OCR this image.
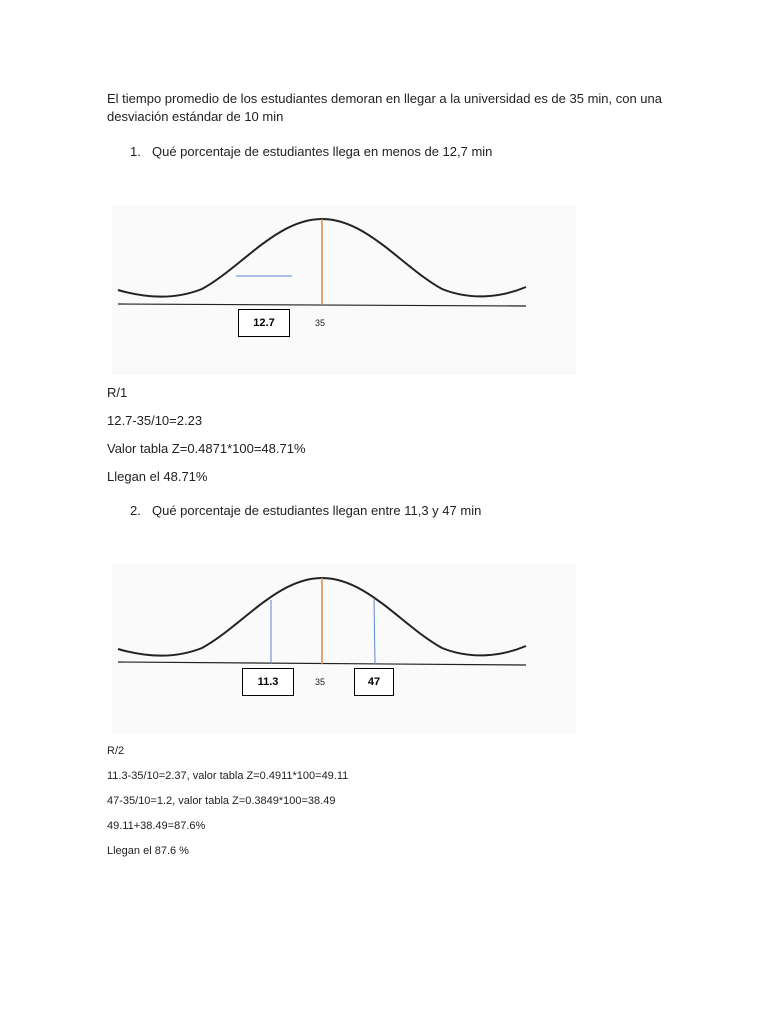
El tiempo promedio de los estudiantes demoran en llegar a la universidad es de 35 min, con una desviación estándar de 10 min
1. Qué porcentaje de estudiantes llega en menos de 12,7 min
12.7	35
R/1
12.7-35/10=2.23
Valor tabla Z=0.4871*100=48.71%
Llegan el 48.71%
2. Qué porcentaje de estudiantes llegan entre 11,3 y 47 min
11.3	35	47
R/2
11.3-35/10=2.37, valor tabla Z=0.4911*100=49.11
47-35/10=1.2, valor tabla Z=0.3849*100=38.49
49.11+38.49=87.6%
Llegan el 87.6 %
